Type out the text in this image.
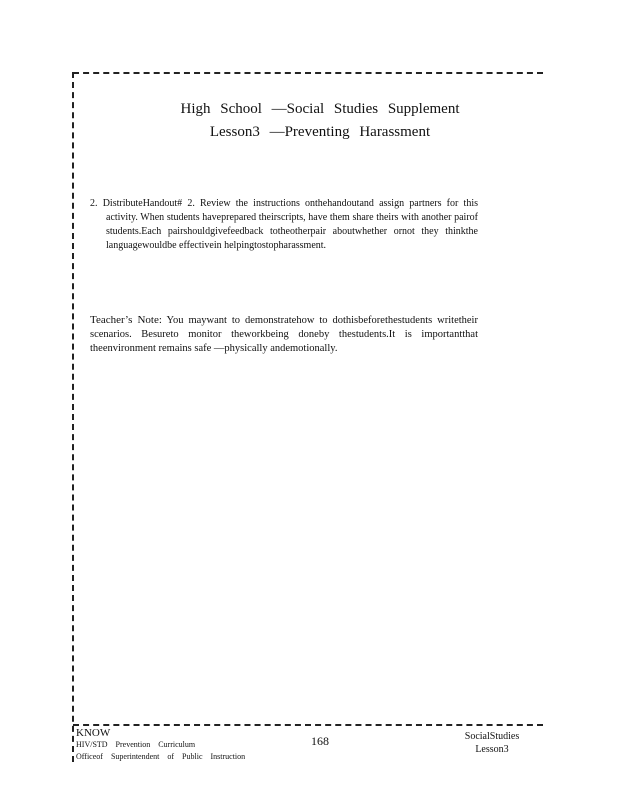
High School —Social Studies Supplement
Lesson3 —Preventing Harassment
2. DistributeHandout# 2. Review the instructions onthehandoutand assign partners for this activity. When students haveprepared theirscripts, have them share theirs with another pairof students.Each pairshouldgivefeedback totheotherpair aboutwhether ornot they thinkthe languagewouldbe effectivein helpingtostopharassment.
Teacher’s Note: You maywant to demonstratehow to dothisbeforethestudents writetheir scenarios. Besureto monitor theworkbeing doneby thestudents.It is importantthat theenvironment remains safe —physically andemotionally.
KNOW
HIV/STD Prevention Curriculum
Officeof Superintendent of Public Instruction
168	SocialStudies
Lesson3
